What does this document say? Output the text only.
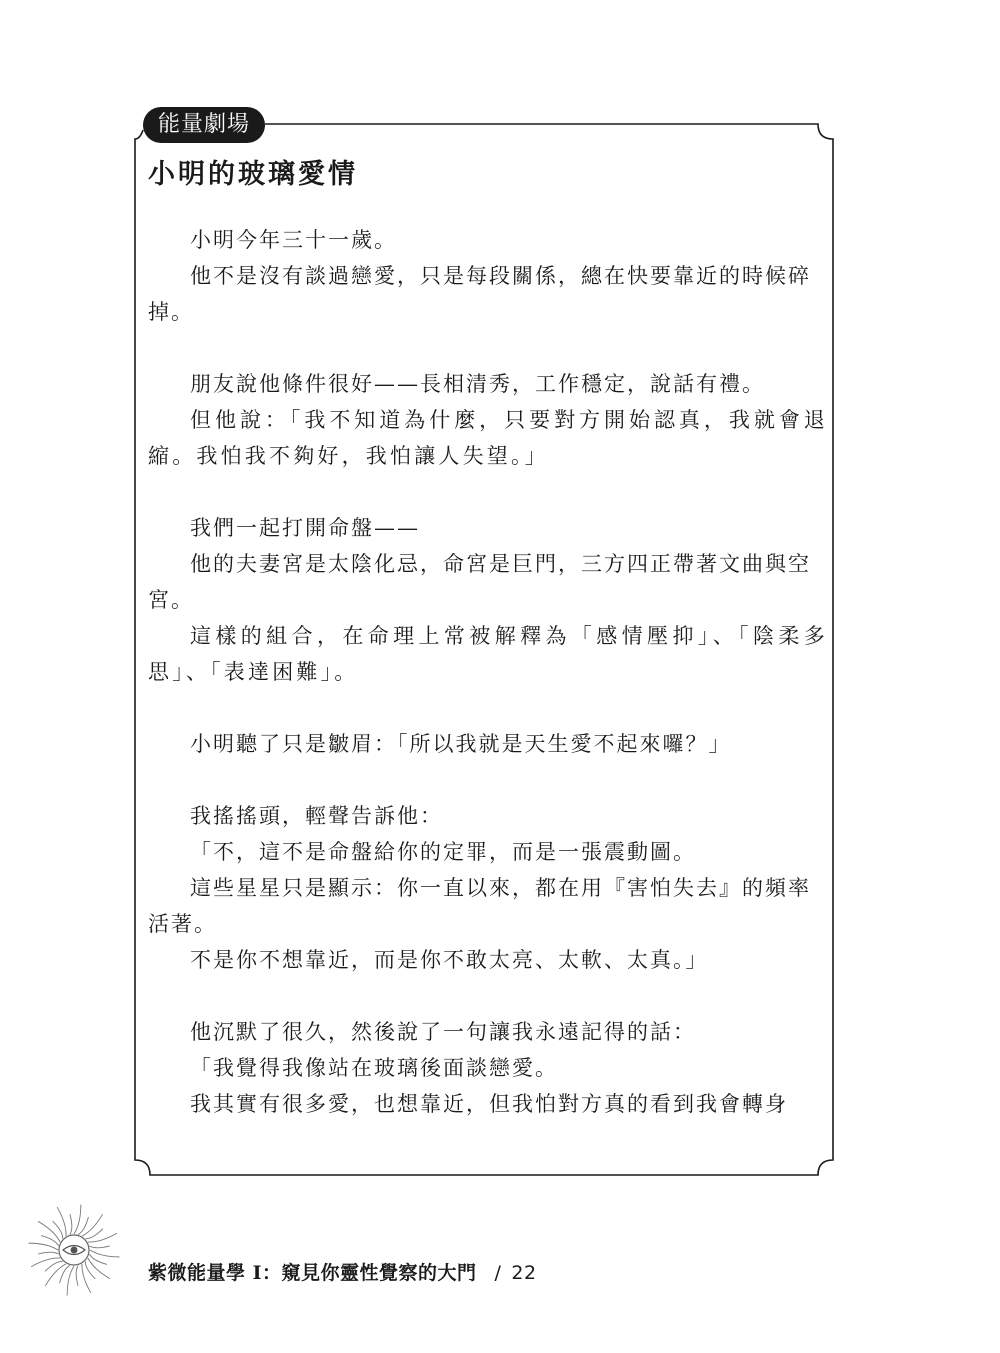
能量劇場
小明的玻璃愛情

小明今年三十一歲。

他不是沒有談過戀愛，只是每段關係，總在快要靠近的時候碎掉。

朋友說他條件很好——長相清秀，工作穩定，說話有禮。

但他說：「我不知道為什麼，只要對方開始認真，我就會退縮。我怕我不夠好，我怕讓人失望。」

我們一起打開命盤——

他的夫妻宮是太陰化忌，命宮是巨門，三方四正帶著文曲與空宮。

這樣的組合，在命理上常被解釋為「感情壓抑」、「陰柔多思」、「表達困難」。

小明聽了只是皺眉：「所以我就是天生愛不起來囉？」

我搖搖頭，輕聲告訴他：

「不，這不是命盤給你的定罪，而是一張震動圖。

這些星星只是顯示：你一直以來，都在用『害怕失去』的頻率活著。

不是你不想靠近，而是你不敢太亮、太軟、太真。」

他沉默了很久，然後說了一句讓我永遠記得的話：

「我覺得我像站在玻璃後面談戀愛。

我其實有很多愛，也想靠近，但我怕對方真的看到我會轉身

紫微能量學 I：窺見你靈性覺察的大門 / 22
